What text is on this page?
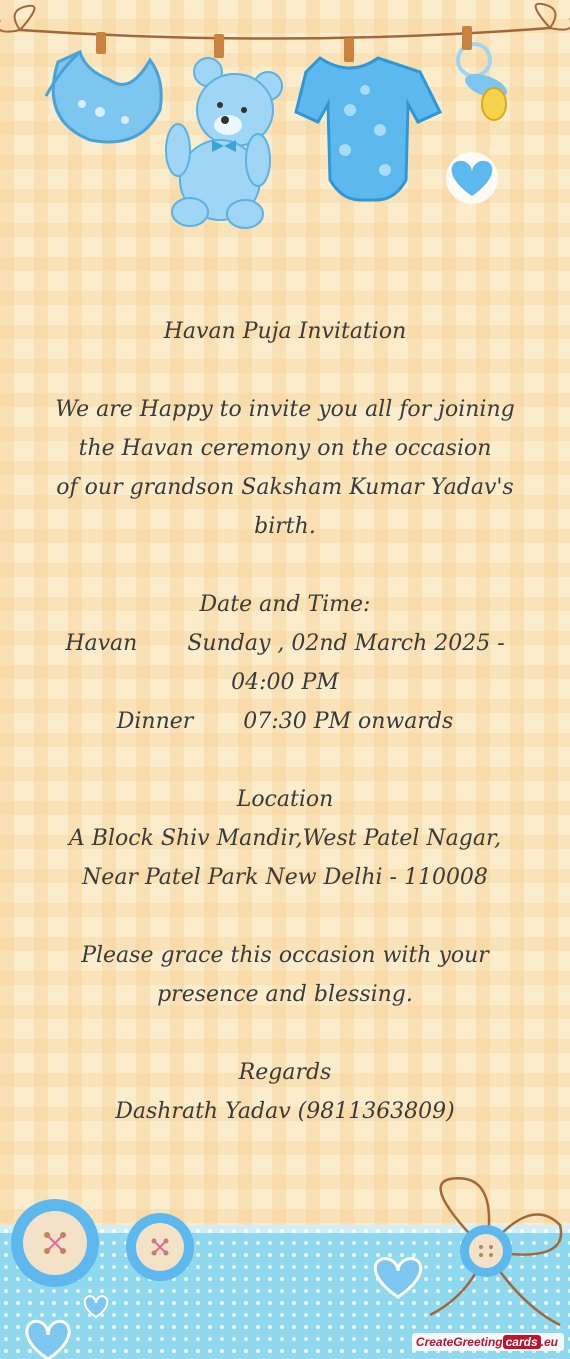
Havan Puja Invitation

We are Happy to invite you all for joining

the Havan ceremony on the occasion

of our grandson Saksham Kumar Yadav's

birth.

Date and Time:

Havan Sunday , 02nd March 2025 -

04:00 PM

Dinner 07:30 PM onwards

Location

A Block Shiv Mandir,West Patel Nagar,

Near Patel Park New Delhi - 110008

Please grace this occasion with your

presence and blessing.

Regards

Dashrath Yadav (9811363809)

CreateGreeting cards .eu
